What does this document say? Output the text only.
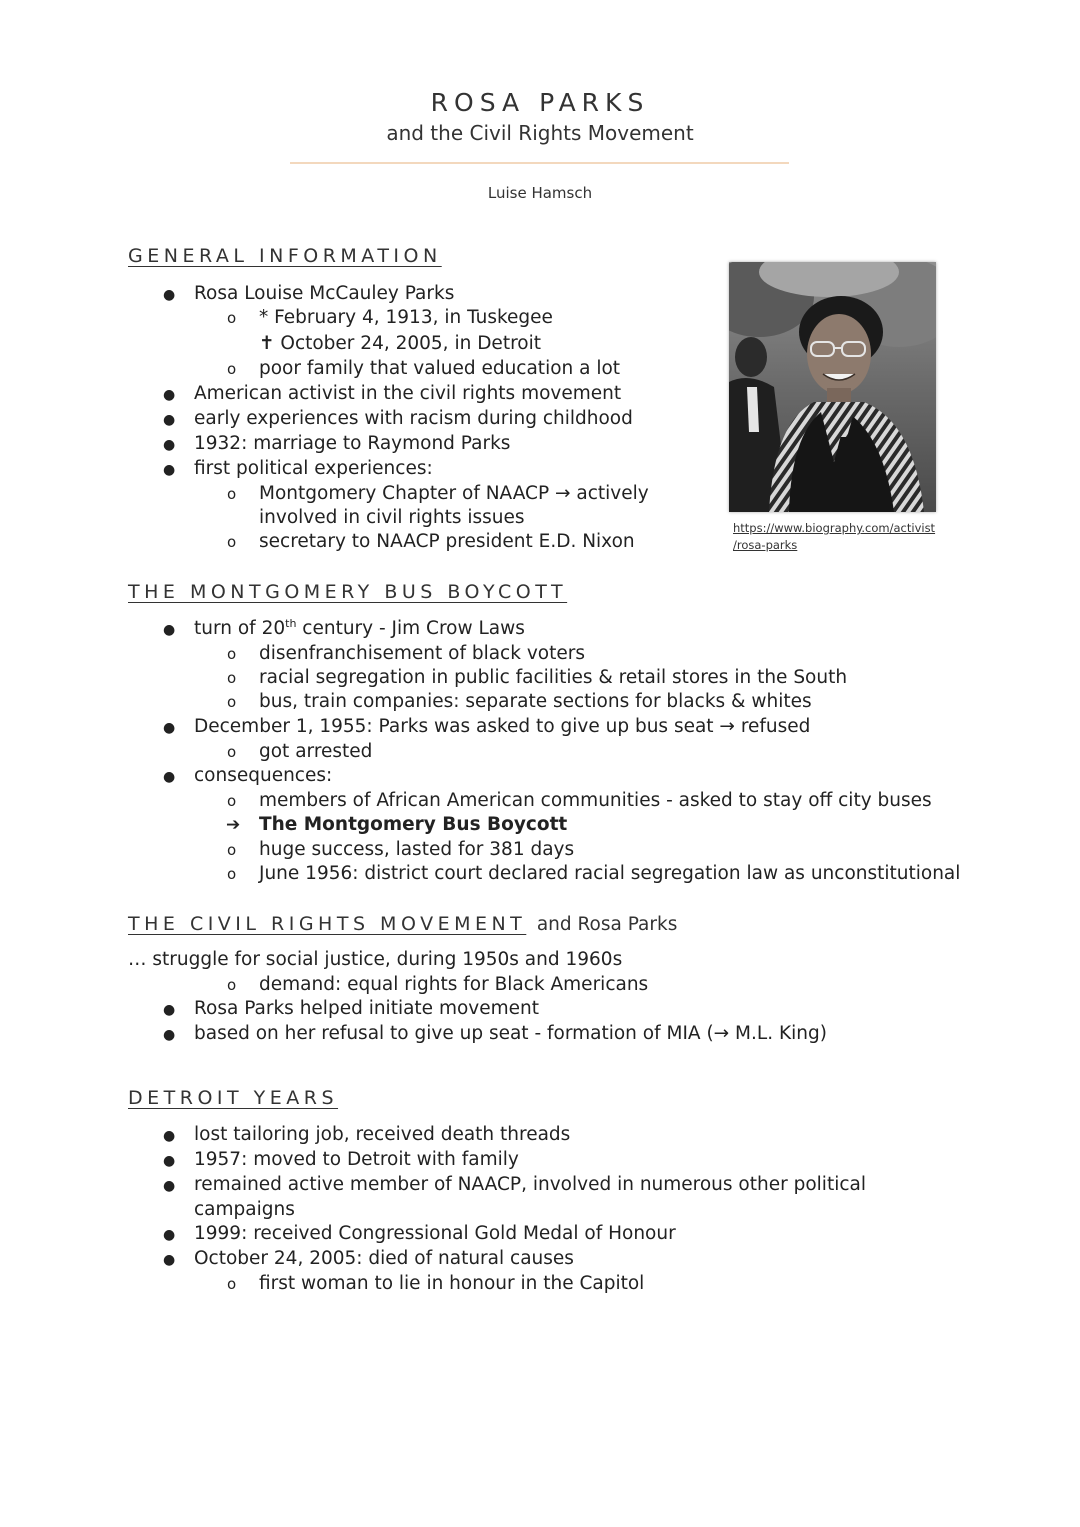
ROSA PARKS
and the Civil Rights Movement
Luise Hamsch
GENERAL INFORMATION
● Rosa Louise McCauley Parks
o * February 4, 1913, in Tuskegee
✝ October 24, 2005, in Detroit
o poor family that valued education a lot
● American activist in the civil rights movement
● early experiences with racism during childhood
● 1932: marriage to Raymond Parks
● first political experiences:
o Montgomery Chapter of NAACP → actively
involved in civil rights issues
o secretary to NAACP president E.D. Nixon
https://www.biography.com/activist
/rosa-parks
THE MONTGOMERY BUS BOYCOTT
● turn of 20th century - Jim Crow Laws
o disenfranchisement of black voters
o racial segregation in public facilities & retail stores in the South
o bus, train companies: separate sections for blacks & whites
● December 1, 1955: Parks was asked to give up bus seat → refused
o got arrested
● consequences:
o members of African American communities - asked to stay off city buses
➔ The Montgomery Bus Boycott
o huge success, lasted for 381 days
o June 1956: district court declared racial segregation law as unconstitutional
THE CIVIL RIGHTS MOVEMENT and Rosa Parks
… struggle for social justice, during 1950s and 1960s
o demand: equal rights for Black Americans
● Rosa Parks helped initiate movement
● based on her refusal to give up seat - formation of MIA (→ M.L. King)
DETROIT YEARS
● lost tailoring job, received death threads
● 1957: moved to Detroit with family
● remained active member of NAACP, involved in numerous other political
campaigns
● 1999: received Congressional Gold Medal of Honour
● October 24, 2005: died of natural causes
o first woman to lie in honour in the Capitol
